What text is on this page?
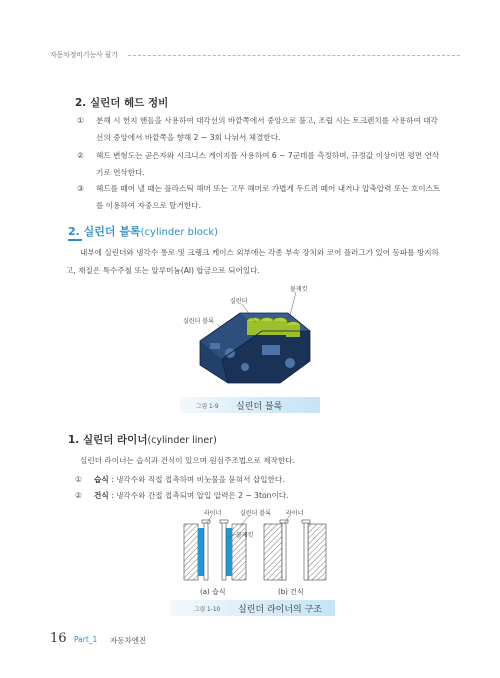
자동차정비기능사 필기
2. 실린더 헤드 정비
①	분해 시 헌지 핸들을 사용하여 대각선의 바깥쪽에서 중앙으로 풀고, 조립 시는 토크렌치를 사용하여 대각선의 중앙에서 바깥쪽을 향해 2 ~ 3회 나눠서 체결한다.
②	헤드 변형도는 곧은자와 시크니스 게이지를 사용하여 6 ~ 7군데를 측정하며, 규정값 이상이면 평면 연삭기로 연삭한다.
③	헤드를 떼어 낼 때는 플라스틱 해머 또는 고무 해머로 가볍게 두드려 떼어 내거나 압축압력 또는 호이스트를 이용하여 자중으로 탈거한다.
2. 실린더 블록(cylinder block)
내부에 실린더와 냉각수 통로 및 크랭크 케이스 외부에는 각종 부속 장치와 코어 플러그가 있어 동파를 방지하고, 재질은 특수주철 또는 알루미늄(Al) 합금으로 되어있다.
물재킷
실린더
실린더 블록
그림 1-9 실린더 블록
1. 실린더 라이너(cylinder liner)
실린더 라이너는 습식과 건식이 있으며 원심주조법으로 제작한다.
①	습식 : 냉각수와 직접 접촉하며 비눗물을 묻혀서 삽입한다.
②	건식 : 냉각수와 간접 접촉되며 압입 압력은 2 ~ 3ton이다.
라이너	실린더 블록	라이너
물재킷
(a) 습식	(b) 건식
그림 1-10 실린더 라이너의 구조
16 Part_1 자동차엔진
